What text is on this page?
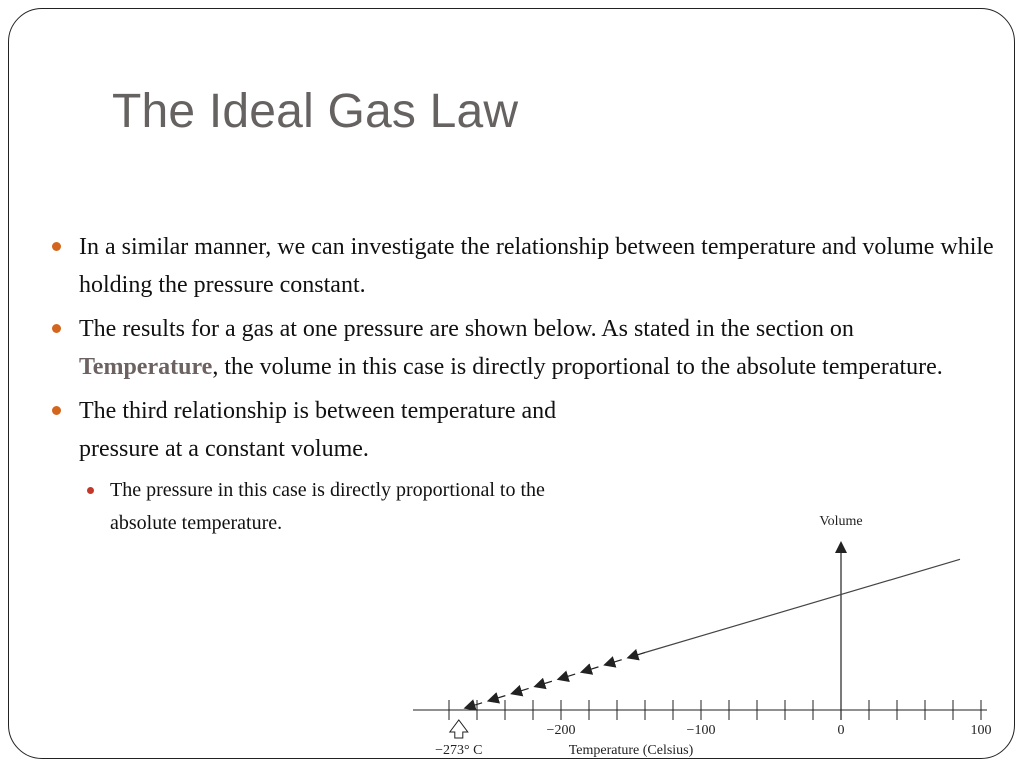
The Ideal Gas Law
In a similar manner, we can investigate the relationship between temperature and volume while holding the pressure constant.
The results for a gas at one pressure are shown below. As stated in the section on Temperature, the volume in this case is directly proportional to the absolute temperature.
The third relationship is between temperature and pressure at a constant volume.
The pressure in this case is directly proportional to the absolute temperature.
−200	−100	0	100
Volume
Temperature (Celsius)
−273° C
